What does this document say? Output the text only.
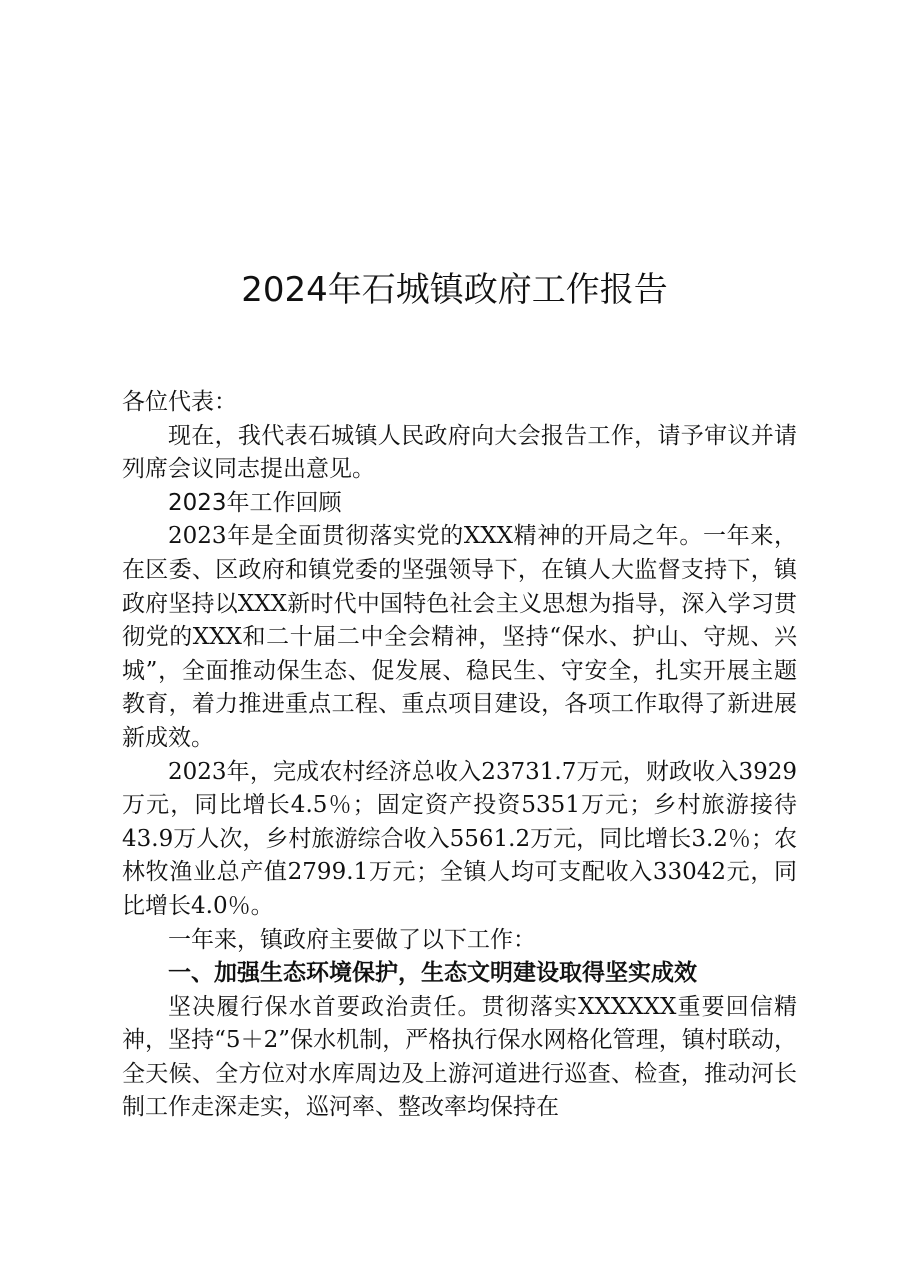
2024年石城镇政府工作报告

各位代表：

现在，我代表石城镇人民政府向大会报告工作，请予审议并请列席会议同志提出意见。

2023年工作回顾

2023年是全面贯彻落实党的XXX精神的开局之年。一年来，在区委、区政府和镇党委的坚强领导下，在镇人大监督支持下，镇政府坚持以XXX新时代中国特色社会主义思想为指导，深入学习贯彻党的XXX和二十届二中全会精神，坚持“保水、护山、守规、兴城”，全面推动保生态、促发展、稳民生、守安全，扎实开展主题教育，着力推进重点工程、重点项目建设，各项工作取得了新进展新成效。

2023年，完成农村经济总收入23731.7万元，财政收入3929万元，同比增长4.5％；固定资产投资5351万元；乡村旅游接待43.9万人次，乡村旅游综合收入5561.2万元，同比增长3.2％；农林牧渔业总产值2799.1万元；全镇人均可支配收入33042元，同比增长4.0％。

一年来，镇政府主要做了以下工作：

一、加强生态环境保护，生态文明建设取得坚实成效

坚决履行保水首要政治责任。贯彻落实XXXXXX重要回信精神，坚持“5＋2”保水机制，严格执行保水网格化管理，镇村联动，全天候、全方位对水库周边及上游河道进行巡查、检查，推动河长制工作走深走实，巡河率、整改率均保持在
